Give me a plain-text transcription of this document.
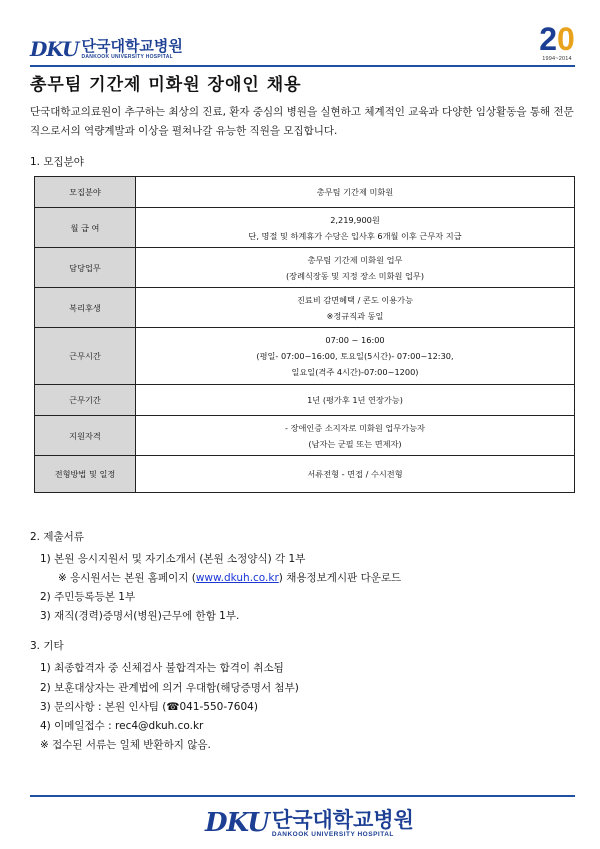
DKU 단국대학교병원
DANKOOK UNIVERSITY HOSPITAL	20
1994~2014
총무팀 기간제 미화원 장애인 채용

단국대학교의료원이 추구하는 최상의 진료, 환자 중심의 병원을 실현하고 체계적인 교육과 다양한 임상활동을 통해 전문직으로서의 역량계발과 이상을 펼쳐나갈 유능한 직원을 모집합니다.

1. 모집분야

모집분야	총무팀 기간제 미화원

월 급 여	2,219,900원
단, 명절 및 하계휴가 수당은 입사후 6개월 이후 근무자 지급

담당업무	총무팀 기간제 미화원 업무
(장례식장동 및 지정 장소 미화원 업무)

복리후생	진료비 감면혜택 / 콘도 이용가능
※정규직과 동일

근무시간	07:00 ~ 16:00
(평일- 07:00~16:00, 토요일(5시간)- 07:00~12:30,
일요일(격주 4시간)-07:00~1200)

근무기간	1년 (평가후 1년 연장가능)

지원자격	- 장애인증 소지자로 미화원 업무가능자
(남자는 군필 또는 면제자)

전형방법 및 일정	서류전형 - 면접 / 수시전형

2. 제출서류

1) 본원 응시지원서 및 자기소개서 (본원 소정양식) 각 1부

※ 응시원서는 본원 홈페이지 (www.dkuh.co.kr) 채용정보게시판 다운로드

2) 주민등록등본 1부

3) 재직(경력)증명서(병원)근무에 한함 1부.

3. 기타

1) 최종합격자 중 신체검사 불합격자는 합격이 취소됨

2) 보훈대상자는 관계법에 의거 우대함(해당증명서 첨부)

3) 문의사항 : 본원 인사팀 (☎041-550-7604)

4) 이메일접수 : rec4@dkuh.co.kr

※ 접수된 서류는 일체 반환하지 않음.

DKU 단국대학교병원
DANKOOK UNIVERSITY HOSPITAL
